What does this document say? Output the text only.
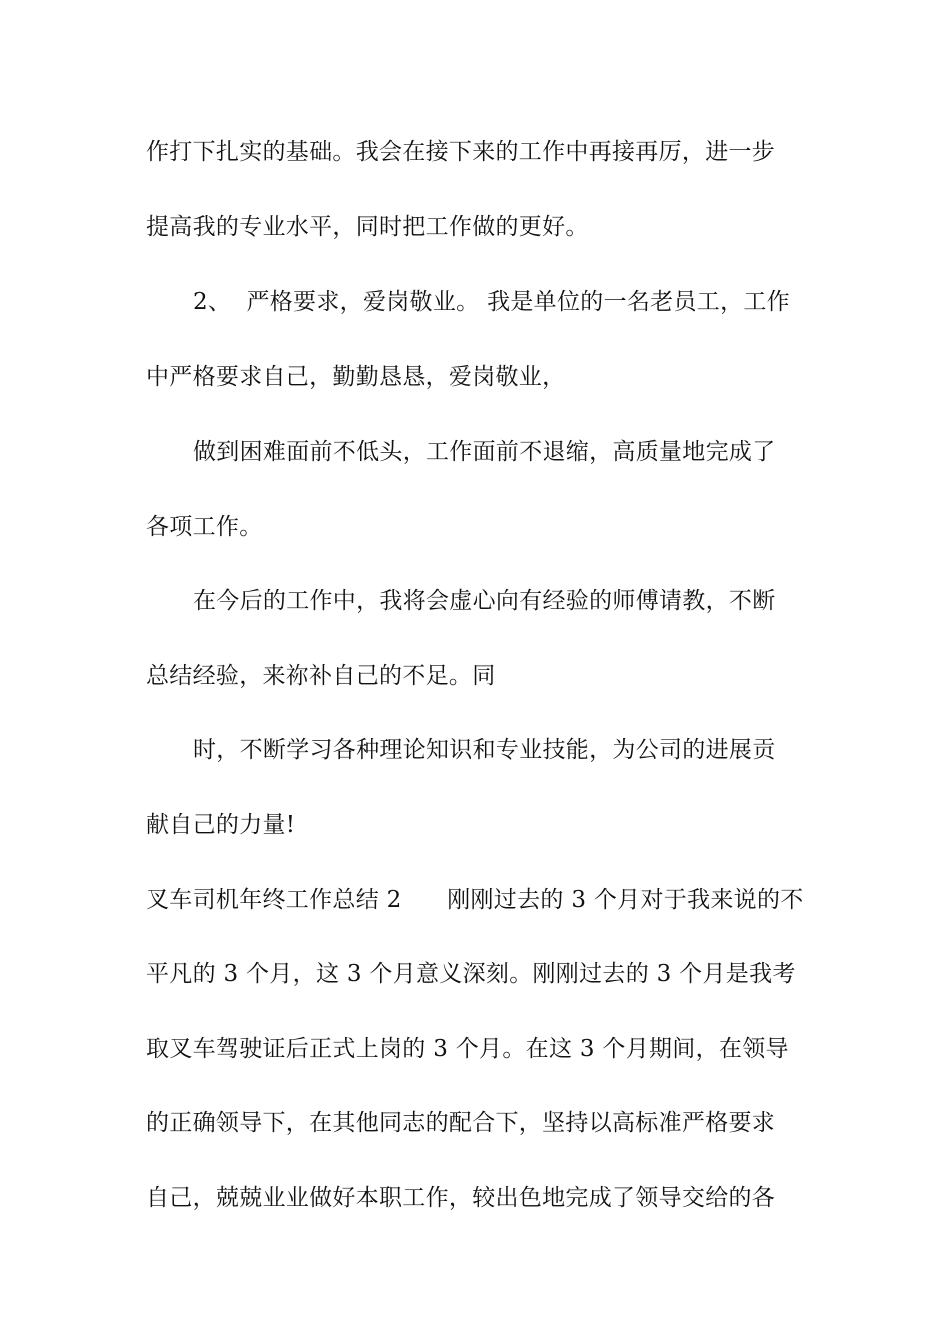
作打下扎实的基础。我会在接下来的工作中再接再厉，进一步
提高我的专业水平，同时把工作做的更好。
2、  严格要求，爱岗敬业。 我是单位的一名老员工，工作
中严格要求自己，勤勤恳恳，爱岗敬业，
做到困难面前不低头，工作面前不退缩，高质量地完成了
各项工作。
在今后的工作中，我将会虚心向有经验的师傅请教，不断
总结经验，来祢补自己的不足。同
时，不断学习各种理论知识和专业技能，为公司的进展贡
献自己的力量!
叉车司机年终工作总结 2      刚刚过去的 3 个月对于我来说的不
平凡的 3 个月，这 3 个月意义深刻。刚刚过去的 3 个月是我考
取叉车驾驶证后正式上岗的 3 个月。在这 3 个月期间，在领导
的正确领导下，在其他同志的配合下，坚持以高标准严格要求
自己，兢兢业业做好本职工作，较出色地完成了领导交给的各
